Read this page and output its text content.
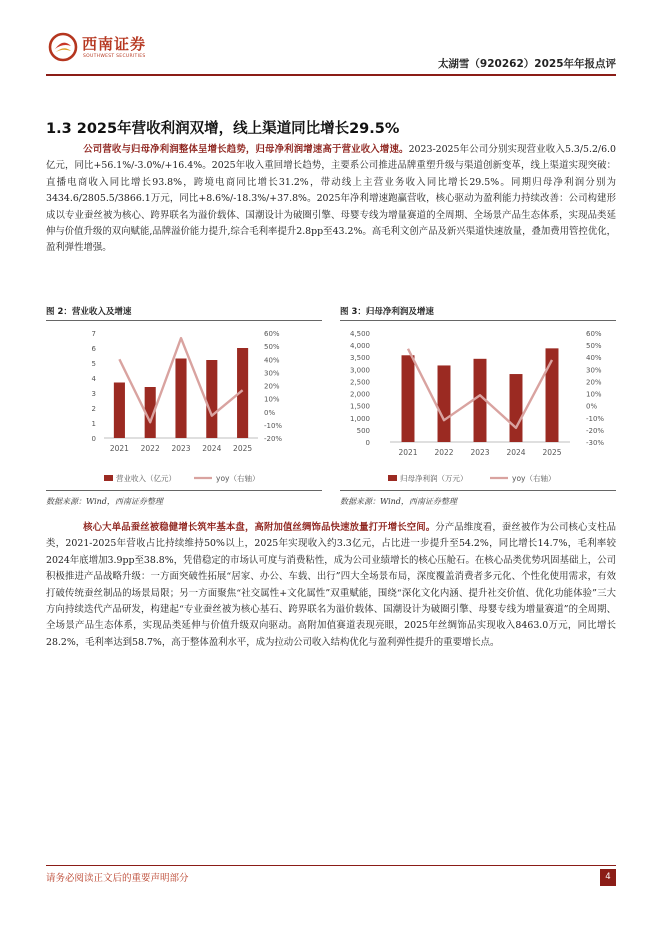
西南证券
SOUTHWEST SECURITIES
太湖雪（920262）2025年年报点评
1.3 2025年营收利润双增，线上渠道同比增长29.5%
公司营收与归母净利润整体呈增长趋势，归母净利润增速高于营业收入增速。2023-2025年公司分别实现营业收入5.3/5.2/6.0亿元，同比+56.1%/-3.0%/+16.4%。2025年收入重回增长趋势，主要系公司推进品牌重塑升级与渠道创新变革，线上渠道实现突破：直播电商收入同比增长93.8%，跨境电商同比增长31.2%，带动线上主营业务收入同比增长29.5%。同期归母净利润分别为3434.6/2805.5/3866.1万元，同比+8.6%/-18.3%/+37.8%。2025年净利增速跑赢营收，核心驱动为盈利能力持续改善：公司构建形成以专业蚕丝被为核心、跨界联名为溢价载体、国潮设计为破圈引擎、母婴专线为增量赛道的全周期、全场景产品生态体系，实现品类延伸与价值升级的双向赋能,品牌溢价能力提升,综合毛利率提升2.8pp至43.2%。高毛利文创产品及新兴渠道快速放量，叠加费用管控优化，盈利弹性增强。
图 2：营业收入及增速	图 3：归母净利润及增速
0
1
2
3
4
5
6
7
-20%
-10%
0%
10%
20%
30%
40%
50%
60%
2021 2022 2023 2024 2025
营业收入（亿元）	yoy（右轴）
0
500
1,000
1,500
2,000
2,500
3,000
3,500
4,000
4,500
-30%
-20%
-10%
0%
10%
20%
30%
40%
50%
60%
2021 2022 2023 2024 2025
归母净利润（万元）	yoy（右轴）
数据来源：Wind，西南证券整理	数据来源：Wind，西南证券整理
核心大单品蚕丝被稳健增长筑牢基本盘，高附加值丝绸饰品快速放量打开增长空间。分产品维度看，蚕丝被作为公司核心支柱品类，2021-2025年营收占比持续维持50%以上，2025年实现收入约3.3亿元，占比进一步提升至54.2%，同比增长14.7%，毛利率较2024年底增加3.9pp至38.8%，凭借稳定的市场认可度与消费粘性，成为公司业绩增长的核心压舱石。在核心品类优势巩固基础上，公司积极推进产品战略升级：一方面突破性拓展“居家、办公、车载、出行”四大全场景布局，深度覆盖消费者多元化、个性化使用需求，有效打破传统蚕丝制品的场景局限；另一方面聚焦“社交属性+文化属性”双重赋能，围绕“深化文化内涵、提升社交价值、优化功能体验”三大方向持续迭代产品研发，构建起“专业蚕丝被为核心基石、跨界联名为溢价载体、国潮设计为破圈引擎、母婴专线为增量赛道”的全周期、全场景产品生态体系，实现品类延伸与价值升级双向驱动。高附加值赛道表现亮眼，2025年丝绸饰品实现收入8463.0万元，同比增长28.2%，毛利率达到58.7%，高于整体盈利水平，成为拉动公司收入结构优化与盈利弹性提升的重要增长点。
请务必阅读正文后的重要声明部分	4
